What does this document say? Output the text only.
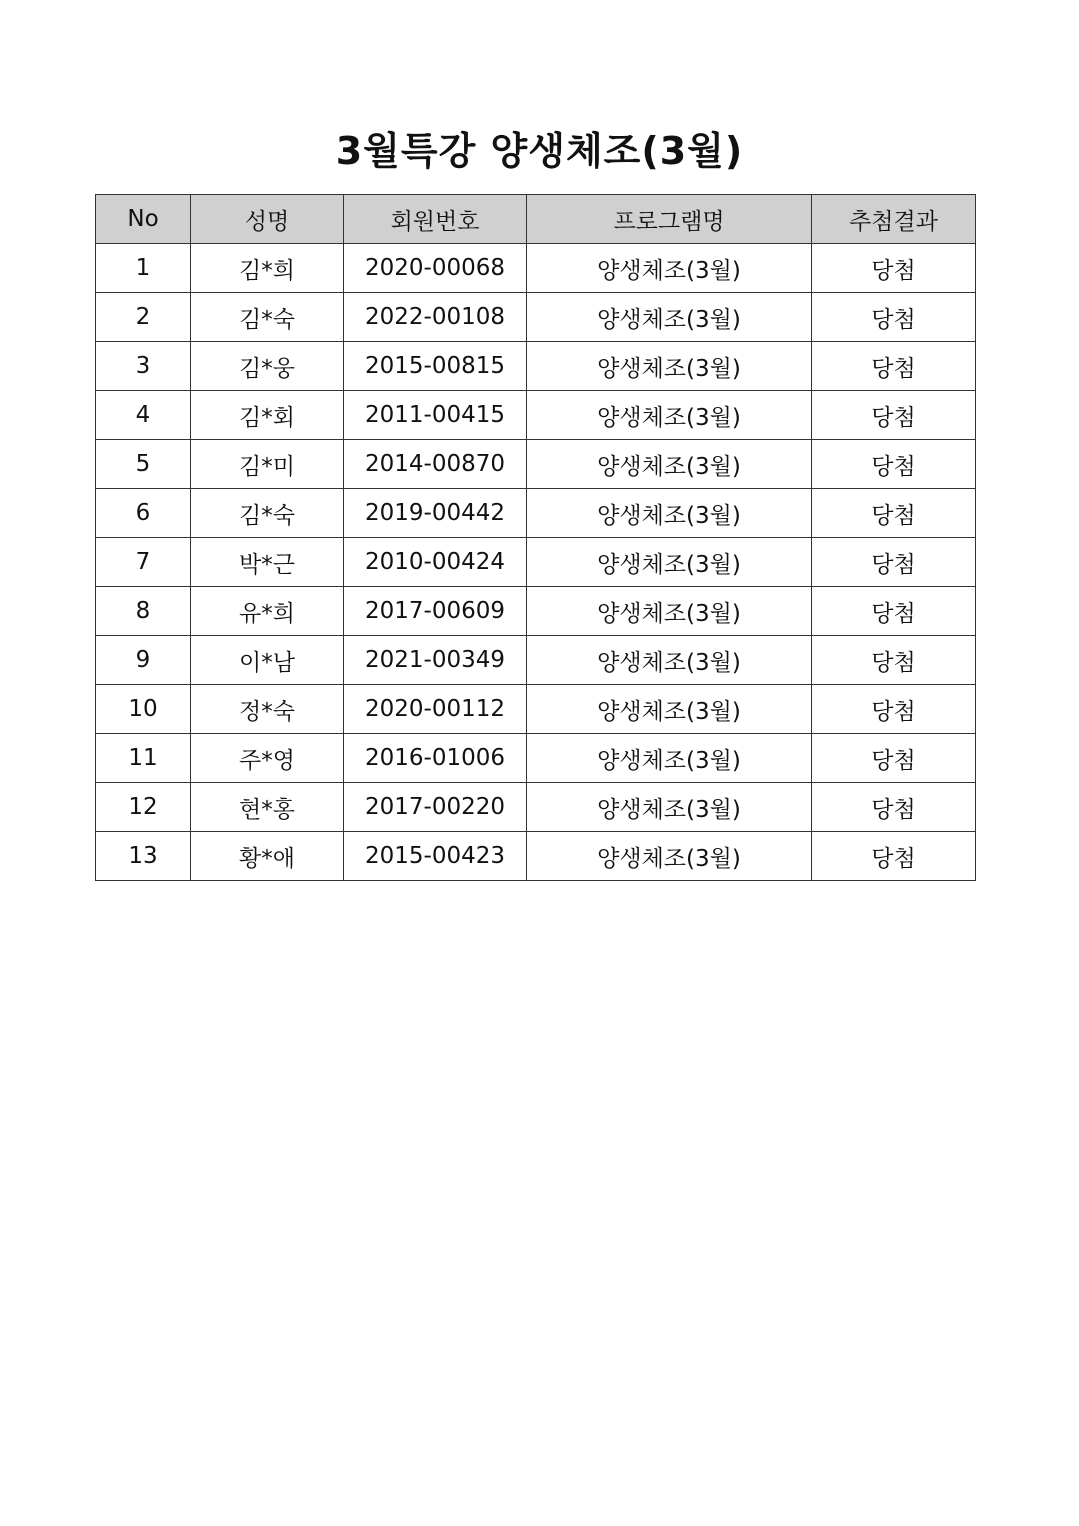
3월특강 양생체조(3월)
No	성명	회원번호	프로그램명	추첨결과
1	김*희	2020-00068	양생체조(3월)	당첨
2	김*숙	2022-00108	양생체조(3월)	당첨
3	김*웅	2015-00815	양생체조(3월)	당첨
4	김*회	2011-00415	양생체조(3월)	당첨
5	김*미	2014-00870	양생체조(3월)	당첨
6	김*숙	2019-00442	양생체조(3월)	당첨
7	박*근	2010-00424	양생체조(3월)	당첨
8	유*희	2017-00609	양생체조(3월)	당첨
9	이*남	2021-00349	양생체조(3월)	당첨
10	정*숙	2020-00112	양생체조(3월)	당첨
11	주*영	2016-01006	양생체조(3월)	당첨
12	현*홍	2017-00220	양생체조(3월)	당첨
13	황*애	2015-00423	양생체조(3월)	당첨
